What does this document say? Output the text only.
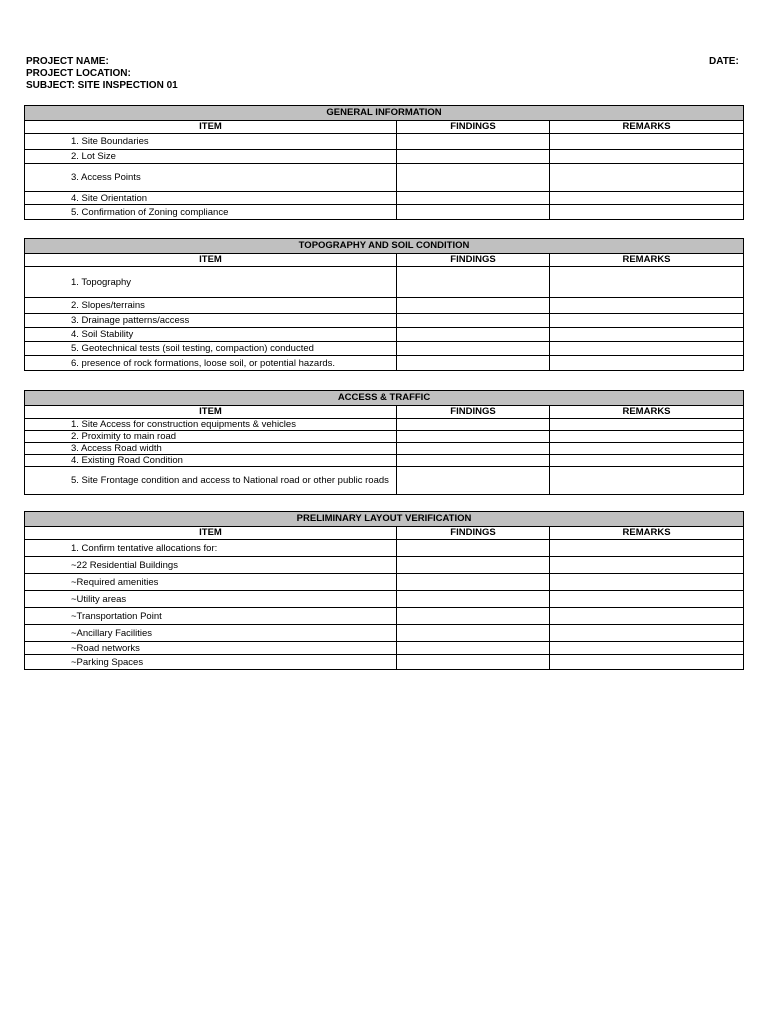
PROJECT NAME:
PROJECT LOCATION:
SUBJECT: SITE INSPECTION 01
DATE:
GENERAL INFORMATION		
ITEM	FINDINGS	REMARKS
1. Site Boundaries		
2. Lot Size		
3. Access Points		
4. Site Orientation		
5. Confirmation of Zoning compliance		
TOPOGRAPHY AND SOIL CONDITION		
ITEM	FINDINGS	REMARKS
1. Topography		
2. Slopes/terrains		
3. Drainage patterns/access		
4. Soil Stability		
5. Geotechnical tests (soil testing, compaction) conducted		
6. presence of rock formations, loose soil, or potential hazards.		
ACCESS & TRAFFIC		
ITEM	FINDINGS	REMARKS
1. Site Access for construction equipments & vehicles		
2. Proximity to main road		
3. Access Road width		
4. Existing Road Condition		
5. Site Frontage condition and access to National road or other public roads		
PRELIMINARY LAYOUT VERIFICATION		
ITEM	FINDINGS	REMARKS
1. Confirm tentative allocations for:		
~22 Residential Buildings		
~Required amenities		
~Utility areas		
~Transportation Point		
~Ancillary Facilities		
~Road networks		
~Parking Spaces		
